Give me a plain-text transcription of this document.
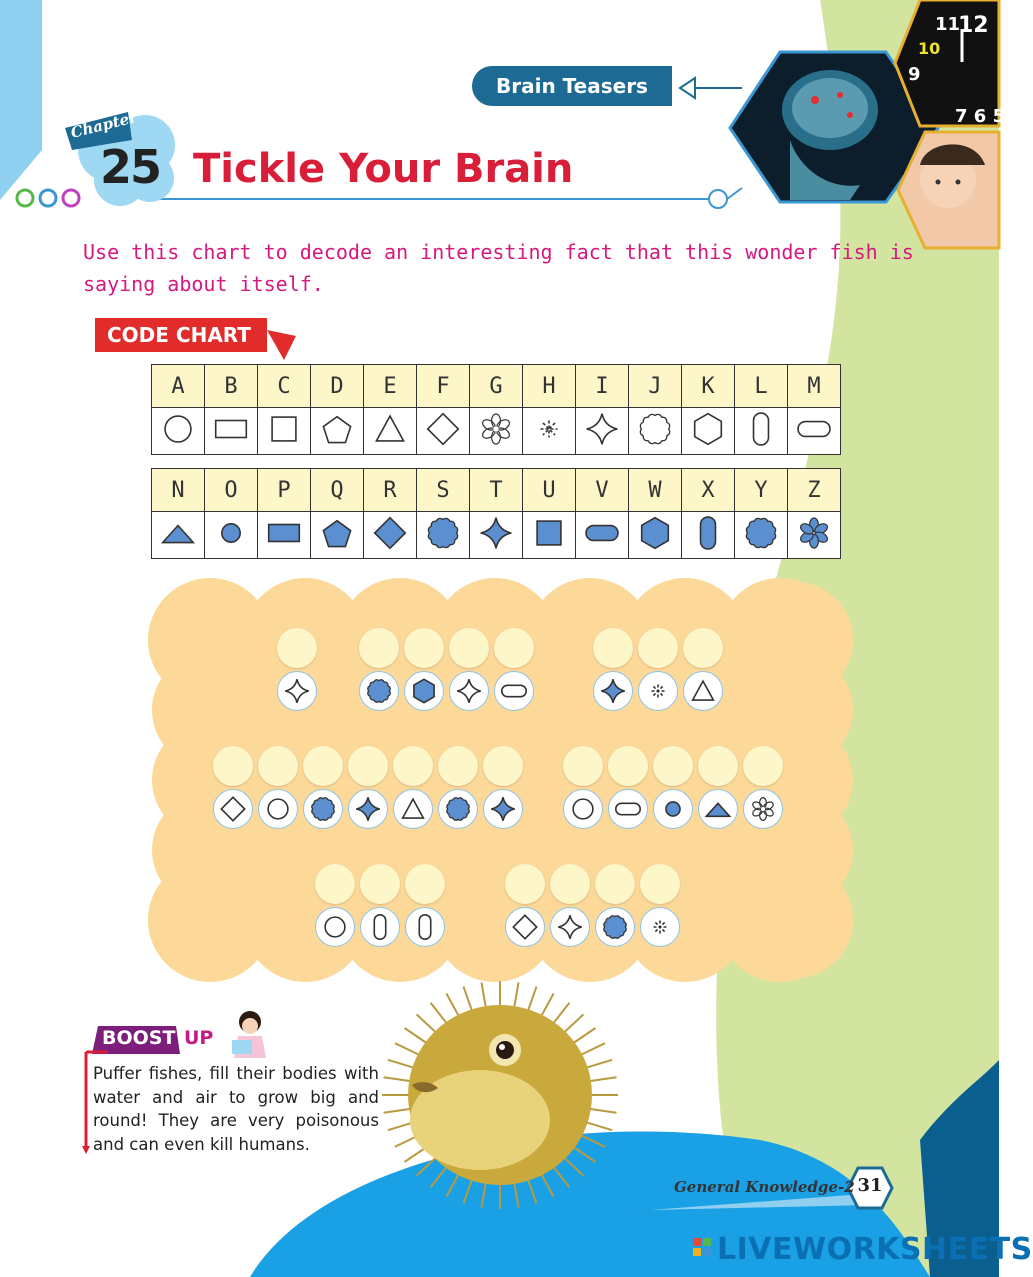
11
12
10
9
7 6 5
Brain Teasers
Chapter
25 Tickle Your Brain
Use this chart to decode an interesting fact that this wonder fish is saying about itself.
CODE CHART
A	B	C	D	E	F	G	H	I	J	K	L	M

N	O	P	Q	R	S	T	U	V	W	X	Y	Z

BOOST UP
Puffer fishes, fill their bodies with water and air to grow big and round! They are very poisonous and can even kill humans.
General Knowledge-2 31
LIVEWORKSHEETS
